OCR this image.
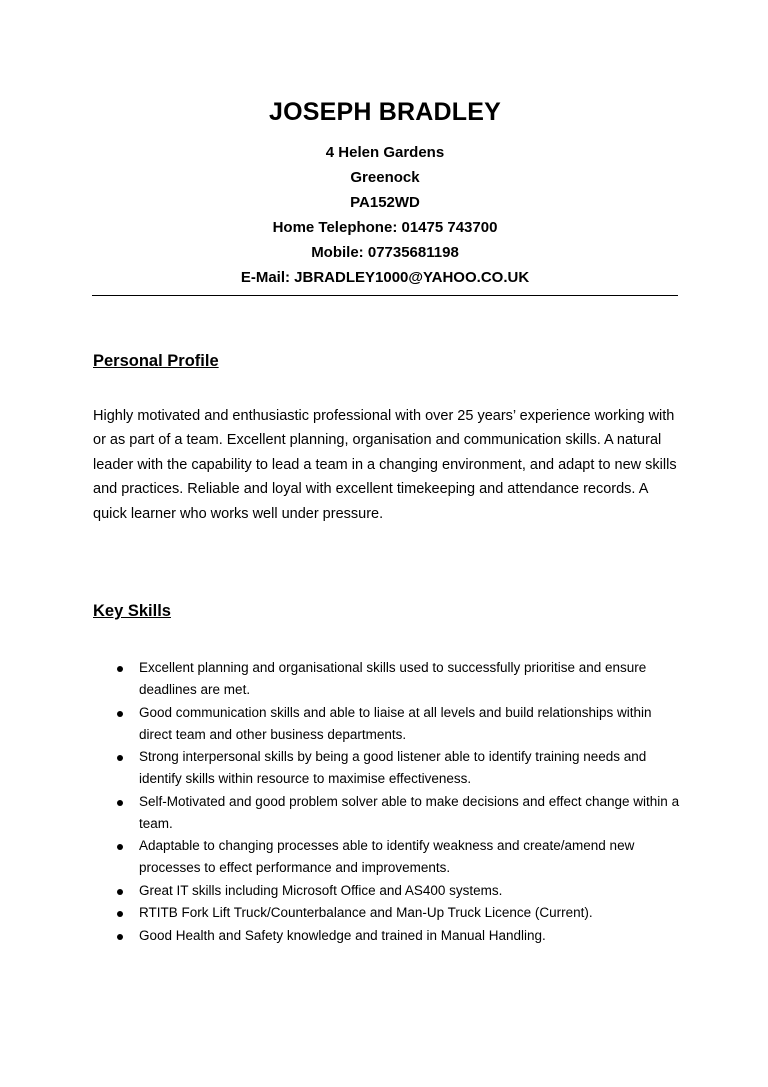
JOSEPH BRADLEY

4 Helen Gardens

Greenock

PA152WD

Home Telephone: 01475 743700

Mobile: 07735681198

E-Mail: JBRADLEY1000@YAHOO.CO.UK

Personal Profile

Highly motivated and enthusiastic professional with over 25 years’ experience working with or as part of a team. Excellent planning, organisation and communication skills. A natural leader with the capability to lead a team in a changing environment, and adapt to new skills and practices. Reliable and loyal with excellent timekeeping and attendance records. A quick learner who works well under pressure.

Key Skills
Excellent planning and organisational skills used to successfully prioritise and ensure deadlines are met.
Good communication skills and able to liaise at all levels and build relationships within direct team and other business departments.
Strong interpersonal skills by being a good listener able to identify training needs and identify skills within resource to maximise effectiveness.
Self-Motivated and good problem solver able to make decisions and effect change within a team.
Adaptable to changing processes able to identify weakness and create/amend new processes to effect performance and improvements.
Great IT skills including Microsoft Office and AS400 systems.
RTITB Fork Lift Truck/Counterbalance and Man-Up Truck Licence (Current).
Good Health and Safety knowledge and trained in Manual Handling.
